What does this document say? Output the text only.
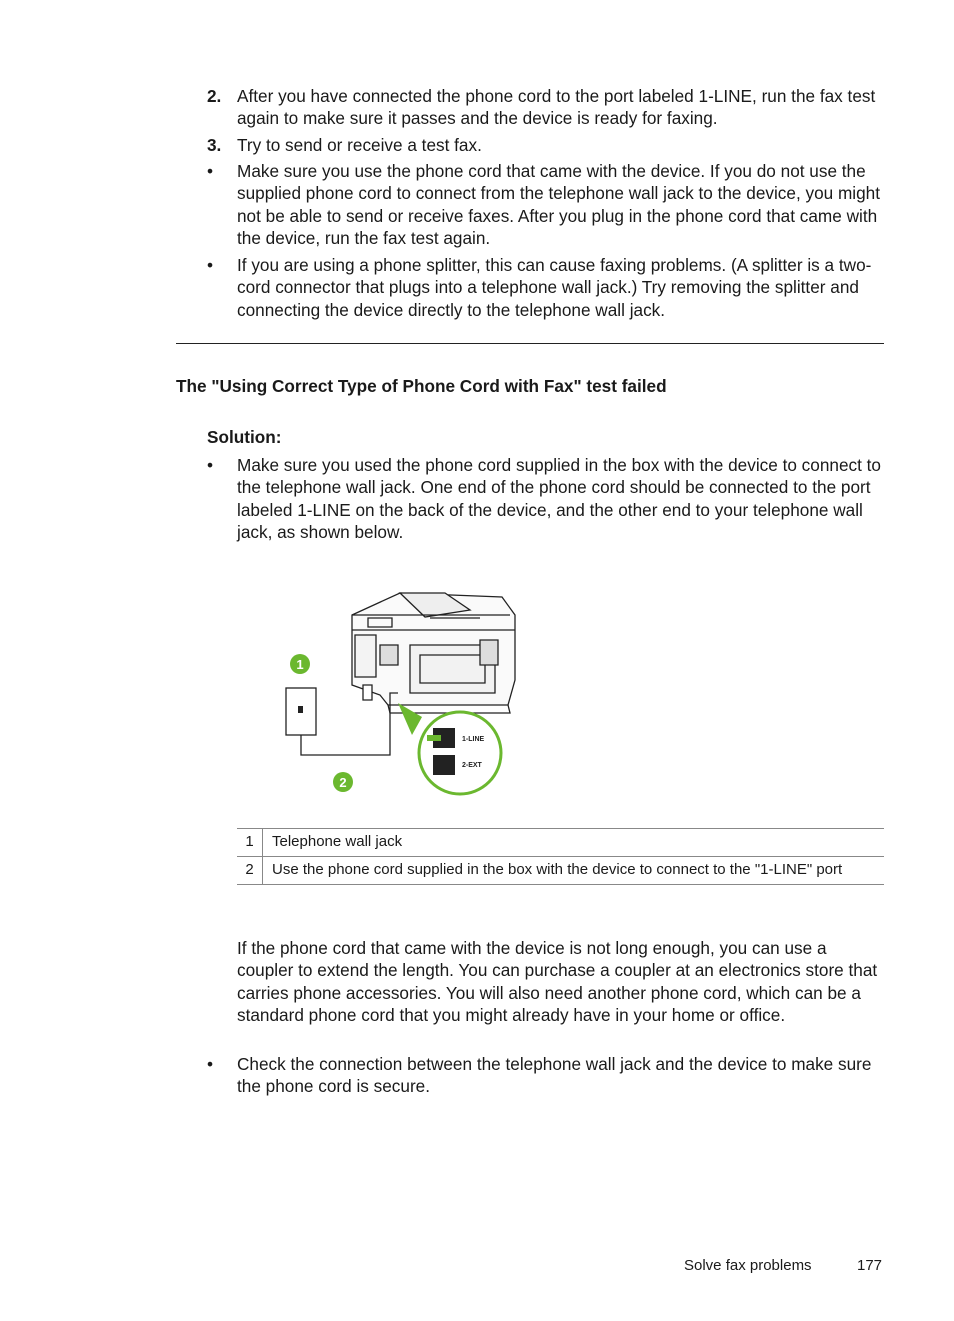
2. After you have connected the phone cord to the port labeled 1-LINE, run the fax test again to make sure it passes and the device is ready for faxing.
3. Try to send or receive a test fax.
• Make sure you use the phone cord that came with the device. If you do not use the supplied phone cord to connect from the telephone wall jack to the device, you might not be able to send or receive faxes. After you plug in the phone cord that came with the device, run the fax test again.
• If you are using a phone splitter, this can cause faxing problems. (A splitter is a two-cord connector that plugs into a telephone wall jack.) Try removing the splitter and connecting the device directly to the telephone wall jack.
The "Using Correct Type of Phone Cord with Fax" test failed
Solution:
• Make sure you used the phone cord supplied in the box with the device to connect to the telephone wall jack. One end of the phone cord should be connected to the port labeled 1-LINE on the back of the device, and the other end to your telephone wall jack, as shown below.
1
2
1-LINE
2-EXT
1	Telephone wall jack
2	Use the phone cord supplied in the box with the device to connect to the "1-LINE" port
If the phone cord that came with the device is not long enough, you can use a coupler to extend the length. You can purchase a coupler at an electronics store that carries phone accessories. You will also need another phone cord, which can be a standard phone cord that you might already have in your home or office.
• Check the connection between the telephone wall jack and the device to make sure the phone cord is secure.
Solve fax problems	177
